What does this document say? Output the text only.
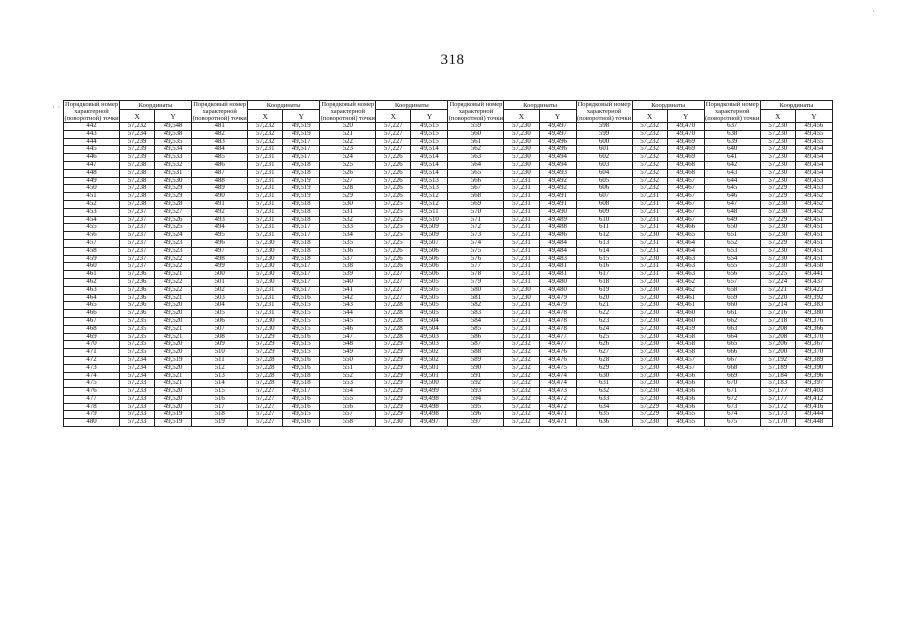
318
Порядковый номер характерной (поворотной) точки	Координаты		Порядковый номер характерной (поворотной) точки	Координаты		Порядковый номер характерной (поворотной) точки	Координаты		Порядковый номер характерной (поворотной) точки	Координаты		Порядковый номер характерной (поворотной) точки	Координаты		Порядковый номер характерной (поворотной) точки	Координаты	
	X	Y		X	Y		X	Y		X	Y		X	Y		X	Y
442	57,232	49,548	481	57,232	49,519	520	57,227	49,515	559	57,230	49,497	598	57,232	49,470	637	57,230	49,456
443	57,234	49,538	482	57,232	49,519	521	57,227	49,515	560	57,230	49,497	599	57,232	49,470	638	57,230	49,455
444	57,239	49,535	483	57,232	49,517	522	57,227	49,515	561	57,230	49,496	600	57,232	49,469	639	57,230	49,455
445	57,239	49,534	484	57,231	49,517	523	57,227	49,514	562	57,230	49,496	601	57,232	49,469	640	57,230	49,454
446	57,239	49,533	485	57,231	49,517	524	57,226	49,514	563	57,230	49,494	602	57,232	49,469	641	57,230	49,454
447	57,238	49,532	486	57,231	49,518	525	57,226	49,514	564	57,230	49,494	603	57,232	49,468	642	57,230	49,454
448	57,238	49,531	487	57,231	49,518	526	57,226	49,514	565	57,230	49,493	604	57,232	49,468	643	57,230	49,454
449	57,238	49,530	488	57,231	49,519	527	57,226	49,513	566	57,231	49,492	605	57,232	49,467	644	57,230	49,453
450	57,238	49,529	489	57,231	49,519	528	57,226	49,513	567	57,231	49,492	606	57,232	49,467	645	57,229	49,453
451	57,238	49,529	490	57,231	49,519	529	57,226	49,512	568	57,231	49,491	607	57,231	49,467	646	57,229	49,452
452	57,238	49,528	491	57,231	49,518	530	57,225	49,512	569	57,231	49,491	608	57,231	49,467	647	57,230	49,452
453	57,237	49,527	492	57,231	49,518	531	57,225	49,511	570	57,231	49,490	609	57,231	49,467	648	57,230	49,452
454	57,237	49,526	493	57,231	49,518	532	57,225	49,510	571	57,231	49,489	610	57,231	49,467	649	57,229	49,451
455	57,237	49,525	494	57,231	49,517	533	57,225	49,509	572	57,231	49,488	611	57,231	49,466	650	57,230	49,451
456	57,237	49,524	495	57,231	49,517	534	57,225	49,509	573	57,231	49,486	612	57,230	49,465	651	57,230	49,451
457	57,237	49,523	496	57,230	49,518	535	57,225	49,507	574	57,231	49,484	613	57,231	49,464	652	57,229	49,451
458	57,237	49,523	497	57,230	49,518	536	57,226	49,506	575	57,231	49,484	614	57,231	49,464	653	57,230	49,451
459	57,237	49,522	498	57,230	49,518	537	57,226	49,506	576	57,231	49,483	615	57,230	49,463	654	57,230	49,451
460	57,237	49,522	499	57,230	49,517	538	57,226	49,506	577	57,231	49,481	616	57,231	49,463	655	57,230	49,450
461	57,236	49,521	500	57,230	49,517	539	57,227	49,506	578	57,231	49,481	617	57,231	49,463	656	57,225	49,441
462	57,236	49,522	501	57,230	49,517	540	57,227	49,505	579	57,231	49,480	618	57,230	49,462	657	57,224	49,437
463	57,236	49,522	502	57,231	49,517	541	57,227	49,505	580	57,230	49,480	619	57,230	49,462	658	57,221	49,423
464	57,236	49,521	503	57,231	49,516	542	57,227	49,505	581	57,230	49,479	620	57,230	49,461	659	57,220	49,392
465	57,236	49,520	504	57,231	49,515	543	57,228	49,505	582	57,231	49,479	621	57,230	49,461	660	57,214	49,383
466	57,236	49,520	505	57,231	49,515	544	57,228	49,505	583	57,231	49,478	622	57,230	49,460	661	57,216	49,380
467	57,235	49,520	506	57,230	49,515	545	57,228	49,504	584	57,231	49,478	623	57,230	49,460	662	57,218	49,376
468	57,235	49,521	507	57,230	49,515	546	57,228	49,504	585	57,231	49,478	624	57,230	49,459	663	57,208	49,366
469	57,235	49,521	508	57,229	49,516	547	57,228	49,503	586	57,231	49,477	625	57,230	49,458	664	57,208	49,370
470	57,235	49,520	509	57,229	49,515	548	57,229	49,503	587	57,232	49,477	626	57,230	49,458	665	57,206	49,367
471	57,235	49,520	510	57,229	49,515	549	57,229	49,502	588	57,232	49,476	627	57,230	49,458	666	57,200	49,370
472	57,234	49,519	511	57,228	49,516	550	57,229	49,502	589	57,232	49,476	628	57,230	49,457	667	57,192	49,389
473	57,234	49,520	512	57,228	49,516	551	57,229	49,501	590	57,232	49,475	629	57,230	49,457	668	57,189	49,390
474	57,234	49,521	513	57,228	49,518	552	57,229	49,501	591	57,232	49,474	630	57,230	49,456	669	57,184	49,396
475	57,233	49,521	514	57,228	49,518	553	57,229	49,500	592	57,232	49,474	631	57,230	49,456	670	57,183	49,397
476	57,233	49,520	515	57,227	49,517	554	57,229	49,499	593	57,232	49,473	632	57,230	49,456	671	57,177	49,403
477	57,233	49,520	516	57,227	49,516	555	57,229	49,498	594	57,232	49,472	633	57,230	49,456	672	57,177	49,412
478	57,233	49,520	517	57,227	49,516	556	57,229	49,498	595	57,232	49,472	634	57,229	49,456	673	57,172	49,416
479	57,233	49,519	518	57,227	49,515	557	57,229	49,498	596	57,232	49,471	635	57,229	49,455	674	57,173	49,444
480	57,233	49,519	519	57,227	49,516	558	57,230	49,497	597	57,232	49,471	636	57,230	49,455	675	57,170	49,448
·
· ·
